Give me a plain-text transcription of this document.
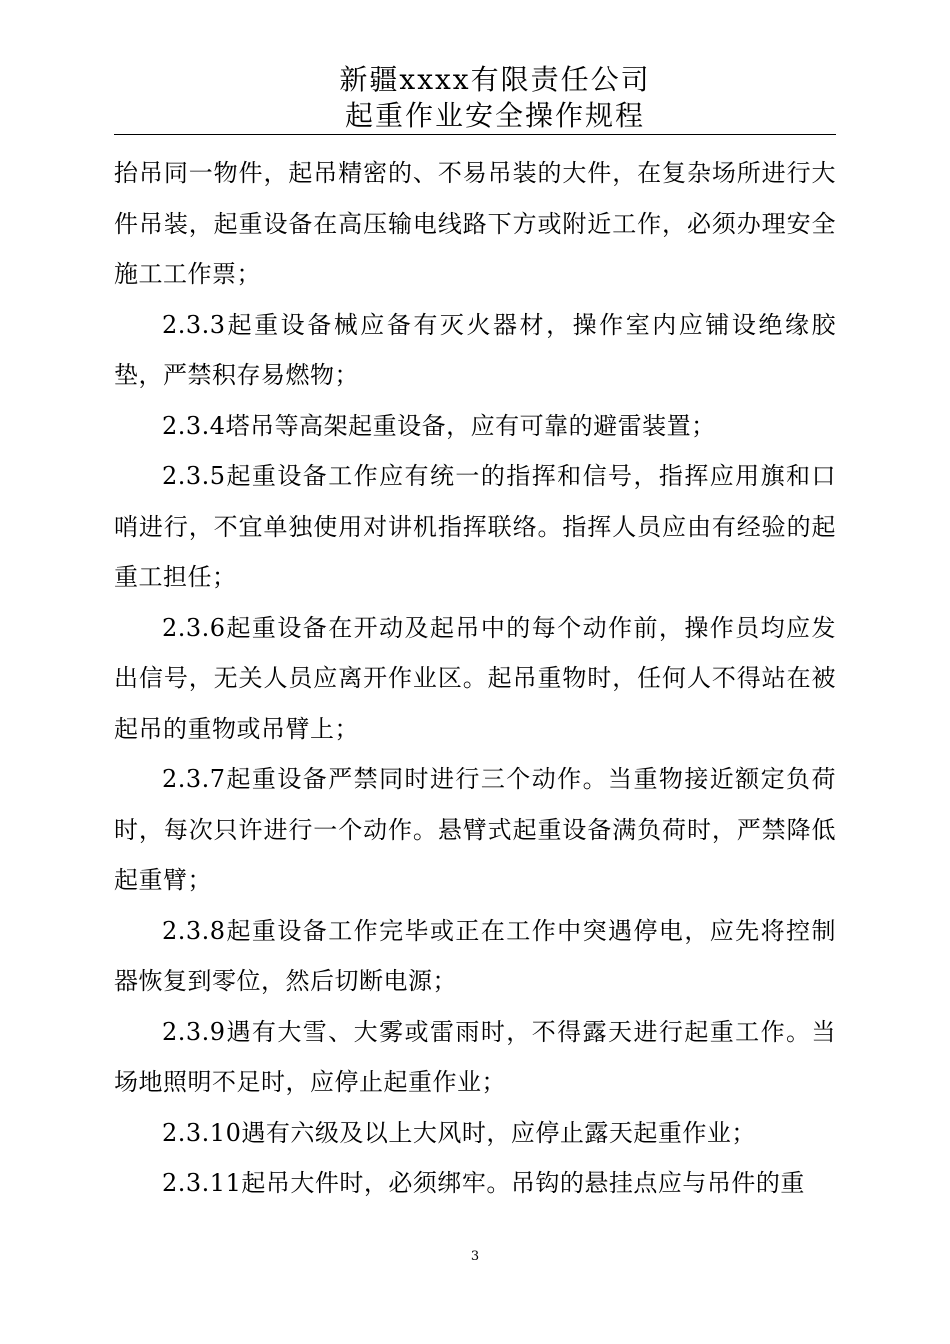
新疆xxxx有限责任公司
起重作业安全操作规程

抬吊同一物件，起吊精密的、不易吊装的大件，在复杂场所进行大件吊装，起重设备在高压输电线路下方或附近工作，必须办理安全施工工作票；

2.3.3起重设备械应备有灭火器材，操作室内应铺设绝缘胶垫，严禁积存易燃物；

2.3.4塔吊等高架起重设备，应有可靠的避雷装置；

2.3.5起重设备工作应有统一的指挥和信号，指挥应用旗和口哨进行，不宜单独使用对讲机指挥联络。指挥人员应由有经验的起重工担任；

2.3.6起重设备在开动及起吊中的每个动作前，操作员均应发出信号，无关人员应离开作业区。起吊重物时，任何人不得站在被起吊的重物或吊臂上；

2.3.7起重设备严禁同时进行三个动作。当重物接近额定负荷时，每次只许进行一个动作。悬臂式起重设备满负荷时，严禁降低起重臂；

2.3.8起重设备工作完毕或正在工作中突遇停电，应先将控制器恢复到零位，然后切断电源；

2.3.9遇有大雪、大雾或雷雨时，不得露天进行起重工作。当场地照明不足时，应停止起重作业；

2.3.10遇有六级及以上大风时，应停止露天起重作业；

2.3.11起吊大件时，必须绑牢。吊钩的悬挂点应与吊件的重

3
